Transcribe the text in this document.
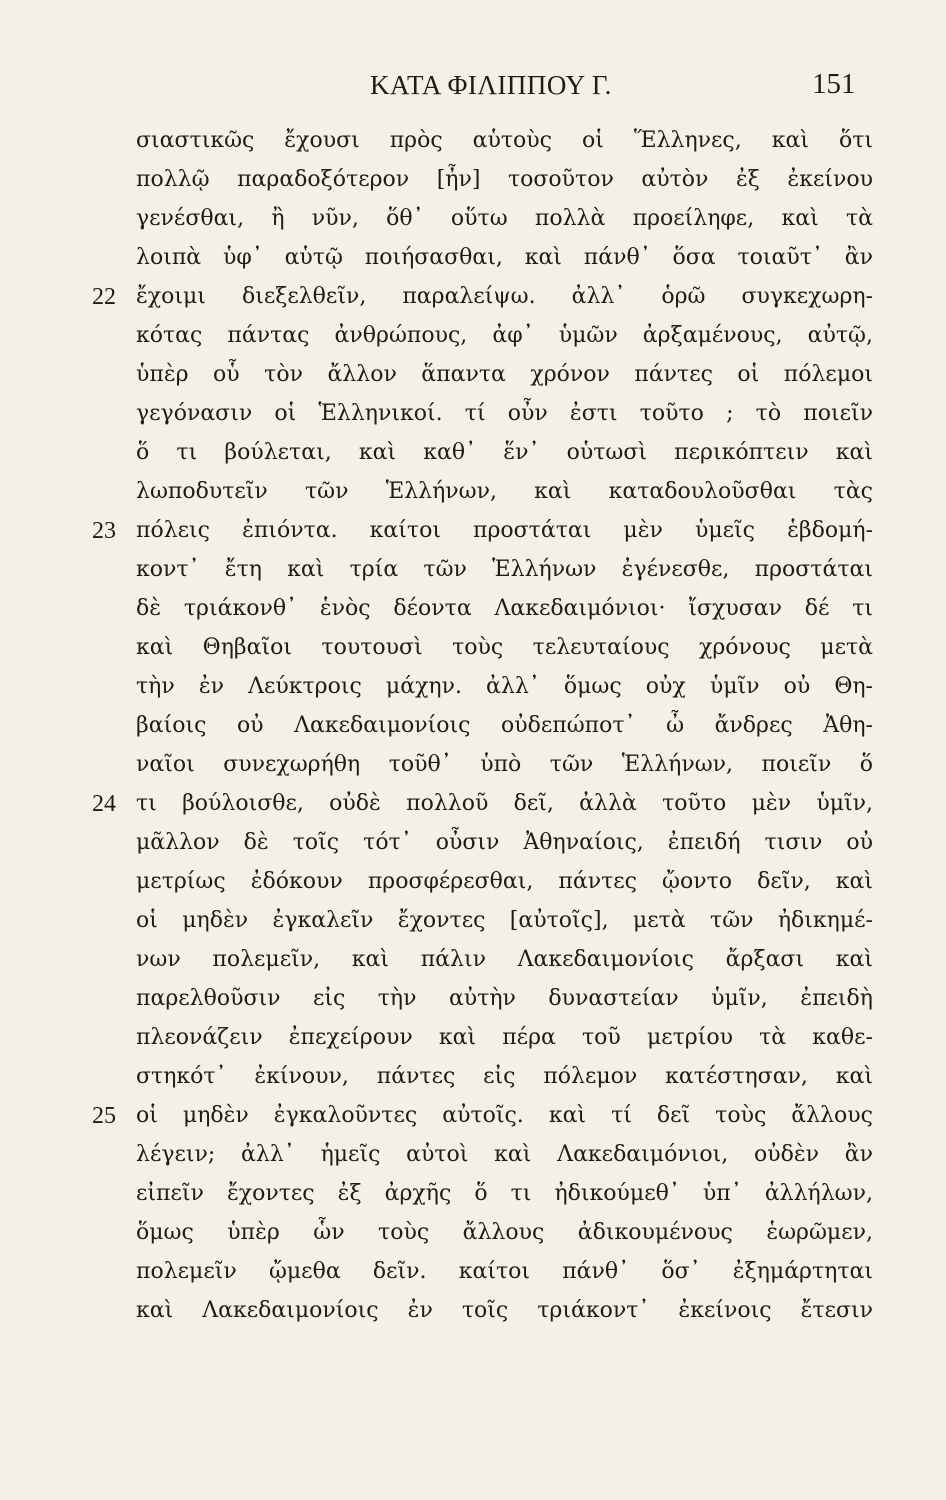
ΚΑΤΑ ΦΙΛΙΠΠΟΥ Γ.	151
σιαστικῶς ἔχουσι πρὸς αὑτοὺς οἱ Ἕλληνες, καὶ ὅτι
πολλῷ παραδοξότερον [ἦν] τοσοῦτον αὐτὸν ἐξ ἐκείνου
γενέσθαι, ἢ νῦν, ὅθ᾽ οὕτω πολλὰ προείληφε, καὶ τὰ
λοιπὰ ὑφ᾽ αὑτῷ ποιήσασθαι, καὶ πάνθ᾽ ὅσα τοιαῦτ᾽ ἂν
22 ἔχοιμι διεξελθεῖν, παραλείψω. ἀλλ᾽ ὁρῶ συγκεχωρη-
κότας πάντας ἀνθρώπους, ἀφ᾽ ὑμῶν ἀρξαμένους, αὐτῷ,
ὑπὲρ οὗ τὸν ἄλλον ἅπαντα χρόνον πάντες οἱ πόλεμοι
γεγόνασιν οἱ Ἑλληνικοί. τί οὖν ἐστι τοῦτο ; τὸ ποιεῖν
ὅ τι βούλεται, καὶ καθ᾽ ἕν᾽ οὑτωσὶ περικόπτειν καὶ
λωποδυτεῖν τῶν Ἑλλήνων, καὶ καταδουλοῦσθαι τὰς
23 πόλεις ἐπιόντα. καίτοι προστάται μὲν ὑμεῖς ἑβδομή-
κοντ᾽ ἔτη καὶ τρία τῶν Ἑλλήνων ἐγένεσθε, προστάται
δὲ τριάκονθ᾽ ἑνὸς δέοντα Λακεδαιμόνιοι· ἴσχυσαν δέ τι
καὶ Θηβαῖοι τουτουσὶ τοὺς τελευταίους χρόνους μετὰ
τὴν ἐν Λεύκτροις μάχην. ἀλλ᾽ ὅμως οὐχ ὑμῖν οὐ Θη-
βαίοις οὐ Λακεδαιμονίοις οὐδεπώποτ᾽ ὦ ἄνδρες Ἀθη-
ναῖοι συνεχωρήθη τοῦθ᾽ ὑπὸ τῶν Ἑλλήνων, ποιεῖν ὅ
24 τι βούλοισθε, οὐδὲ πολλοῦ δεῖ, ἀλλὰ τοῦτο μὲν ὑμῖν,
μᾶλλον δὲ τοῖς τότ᾽ οὖσιν Ἀθηναίοις, ἐπειδή τισιν οὐ
μετρίως ἐδόκουν προσφέρεσθαι, πάντες ᾤοντο δεῖν, καὶ
οἱ μηδὲν ἐγκαλεῖν ἔχοντες [αὐτοῖς], μετὰ τῶν ἠδικημέ-
νων πολεμεῖν, καὶ πάλιν Λακεδαιμονίοις ἄρξασι καὶ
παρελθοῦσιν εἰς τὴν αὐτὴν δυναστείαν ὑμῖν, ἐπειδὴ
πλεονάζειν ἐπεχείρουν καὶ πέρα τοῦ μετρίου τὰ καθε-
στηκότ᾽ ἐκίνουν, πάντες εἰς πόλεμον κατέστησαν, καὶ
25 οἱ μηδὲν ἐγκαλοῦντες αὐτοῖς. καὶ τί δεῖ τοὺς ἄλλους
λέγειν; ἀλλ᾽ ἡμεῖς αὐτοὶ καὶ Λακεδαιμόνιοι, οὐδὲν ἂν
εἰπεῖν ἔχοντες ἐξ ἀρχῆς ὅ τι ἠδικούμεθ᾽ ὑπ᾽ ἀλλήλων,
ὅμως ὑπὲρ ὧν τοὺς ἄλλους ἀδικουμένους ἑωρῶμεν,
πολεμεῖν ᾤμεθα δεῖν. καίτοι πάνθ᾽ ὅσ᾽ ἐξημάρτηται
καὶ Λακεδαιμονίοις ἐν τοῖς τριάκοντ᾽ ἐκείνοις ἔτεσιν
